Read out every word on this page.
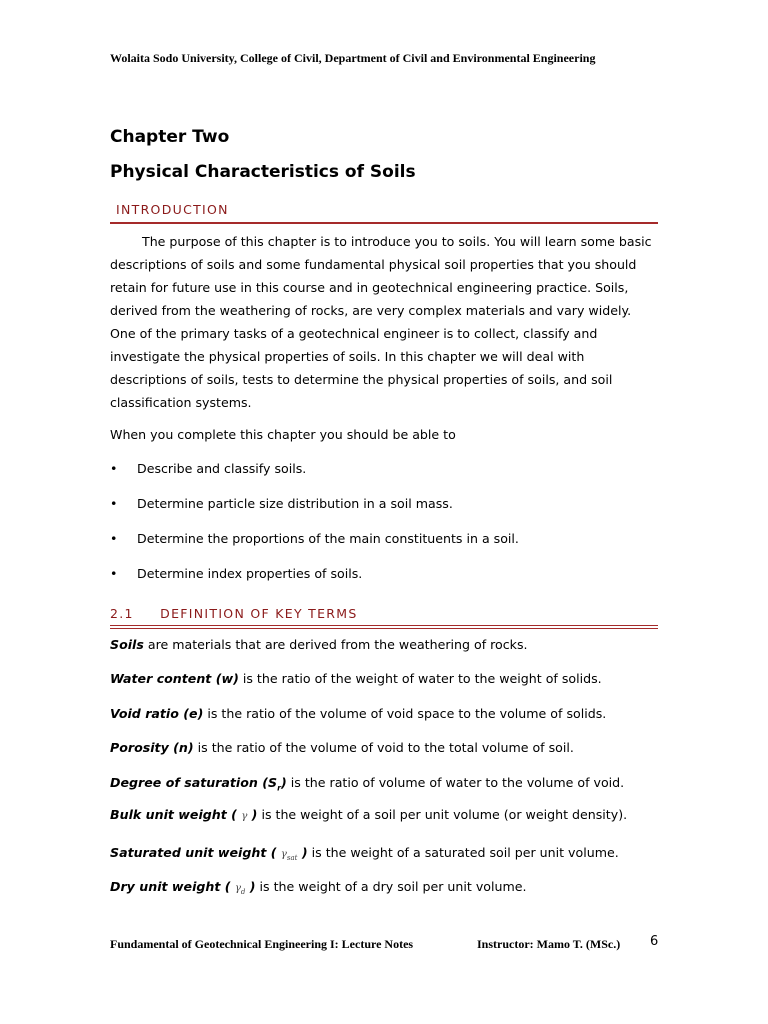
Wolaita Sodo University, College of Civil, Department of Civil and Environmental Engineering
Chapter Two
Physical Characteristics of Soils
INTRODUCTION
The purpose of this chapter is to introduce you to soils. You will learn some basic descriptions of soils and some fundamental physical soil properties that you should retain for future use in this course and in geotechnical engineering practice. Soils, derived from the weathering of rocks, are very complex materials and vary widely. One of the primary tasks of a geotechnical engineer is to collect, classify and investigate the physical properties of soils. In this chapter we will deal with descriptions of soils, tests to determine the physical properties of soils, and soil classification systems.
When you complete this chapter you should be able to
• Describe and classify soils.
• Determine particle size distribution in a soil mass.
• Determine the proportions of the main constituents in a soil.
• Determine index properties of soils.
2.1     DEFINITION OF KEY TERMS
Soils are materials that are derived from the weathering of rocks.
Water content (w) is the ratio of the weight of water to the weight of solids.
Void ratio (e) is the ratio of the volume of void space to the volume of solids.
Porosity (n) is the ratio of the volume of void to the total volume of soil.
Degree of saturation $(S_r)$ is the ratio of volume of water to the volume of void.
Bulk unit weight ( γ ) is the weight of a soil per unit volume (or weight density).
Saturated unit weight ( $\gamma_{sat}$ ) is the weight of a saturated soil per unit volume.
Dry unit weight ( $\gamma_d$ ) is the weight of a dry soil per unit volume.
Fundamental of Geotechnical Engineering I: Lecture Notes	Instructor: Mamo T. (MSc.) 6
